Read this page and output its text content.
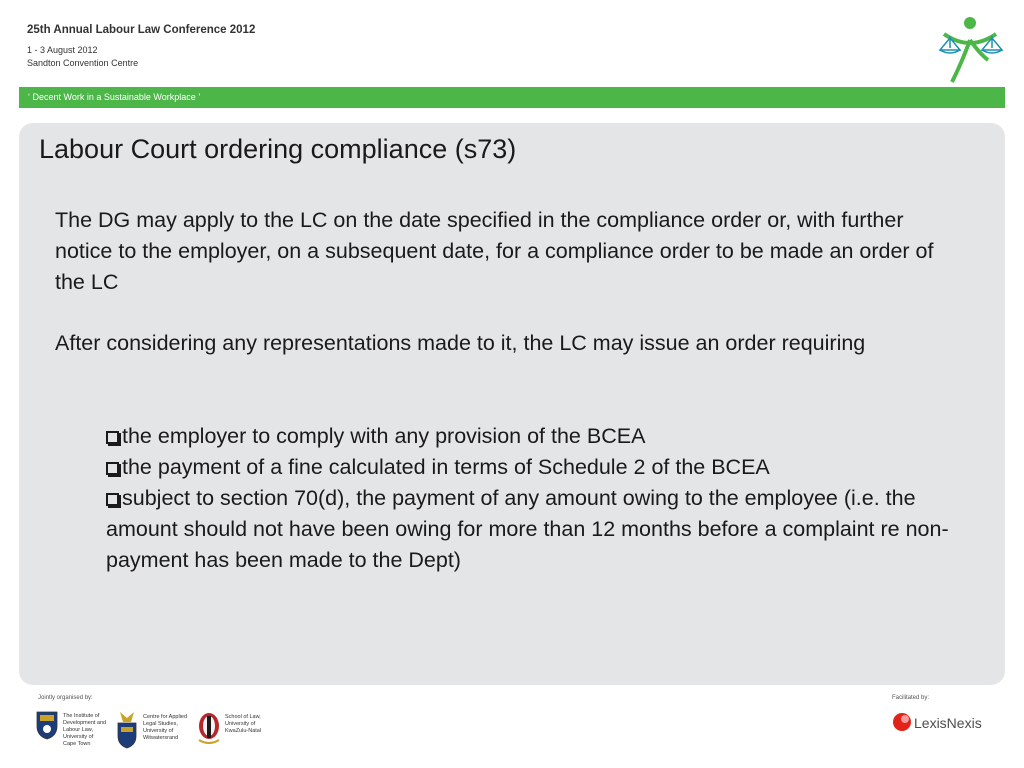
25th Annual Labour Law Conference 2012
1 - 3 August 2012
Sandton Convention Centre
‘ Decent Work in a Sustainable Workplace ’
Labour Court ordering compliance (s73)
The DG may apply to the LC on the date specified in the compliance order or, with further notice to the employer, on a subsequent date, for a compliance order to be made an order of the LC
After considering any representations made to it, the LC may issue an order requiring
the employer to comply with any provision of the BCEA
the payment of a fine calculated in terms of Schedule 2 of the BCEA
subject to section 70(d), the payment of any amount owing to the employee (i.e. the amount should not have been owing for more than 12 months before a complaint re non-payment has been made to the Dept)
Jointly organised by:	Facilitated by:
The Institute of
Development and
Labour Law,
University of
Cape Town
Centre for Applied
Legal Studies,
University of
Witwatersrand
School of Law,
University of
KwaZulu-Natal	LexisNexis
